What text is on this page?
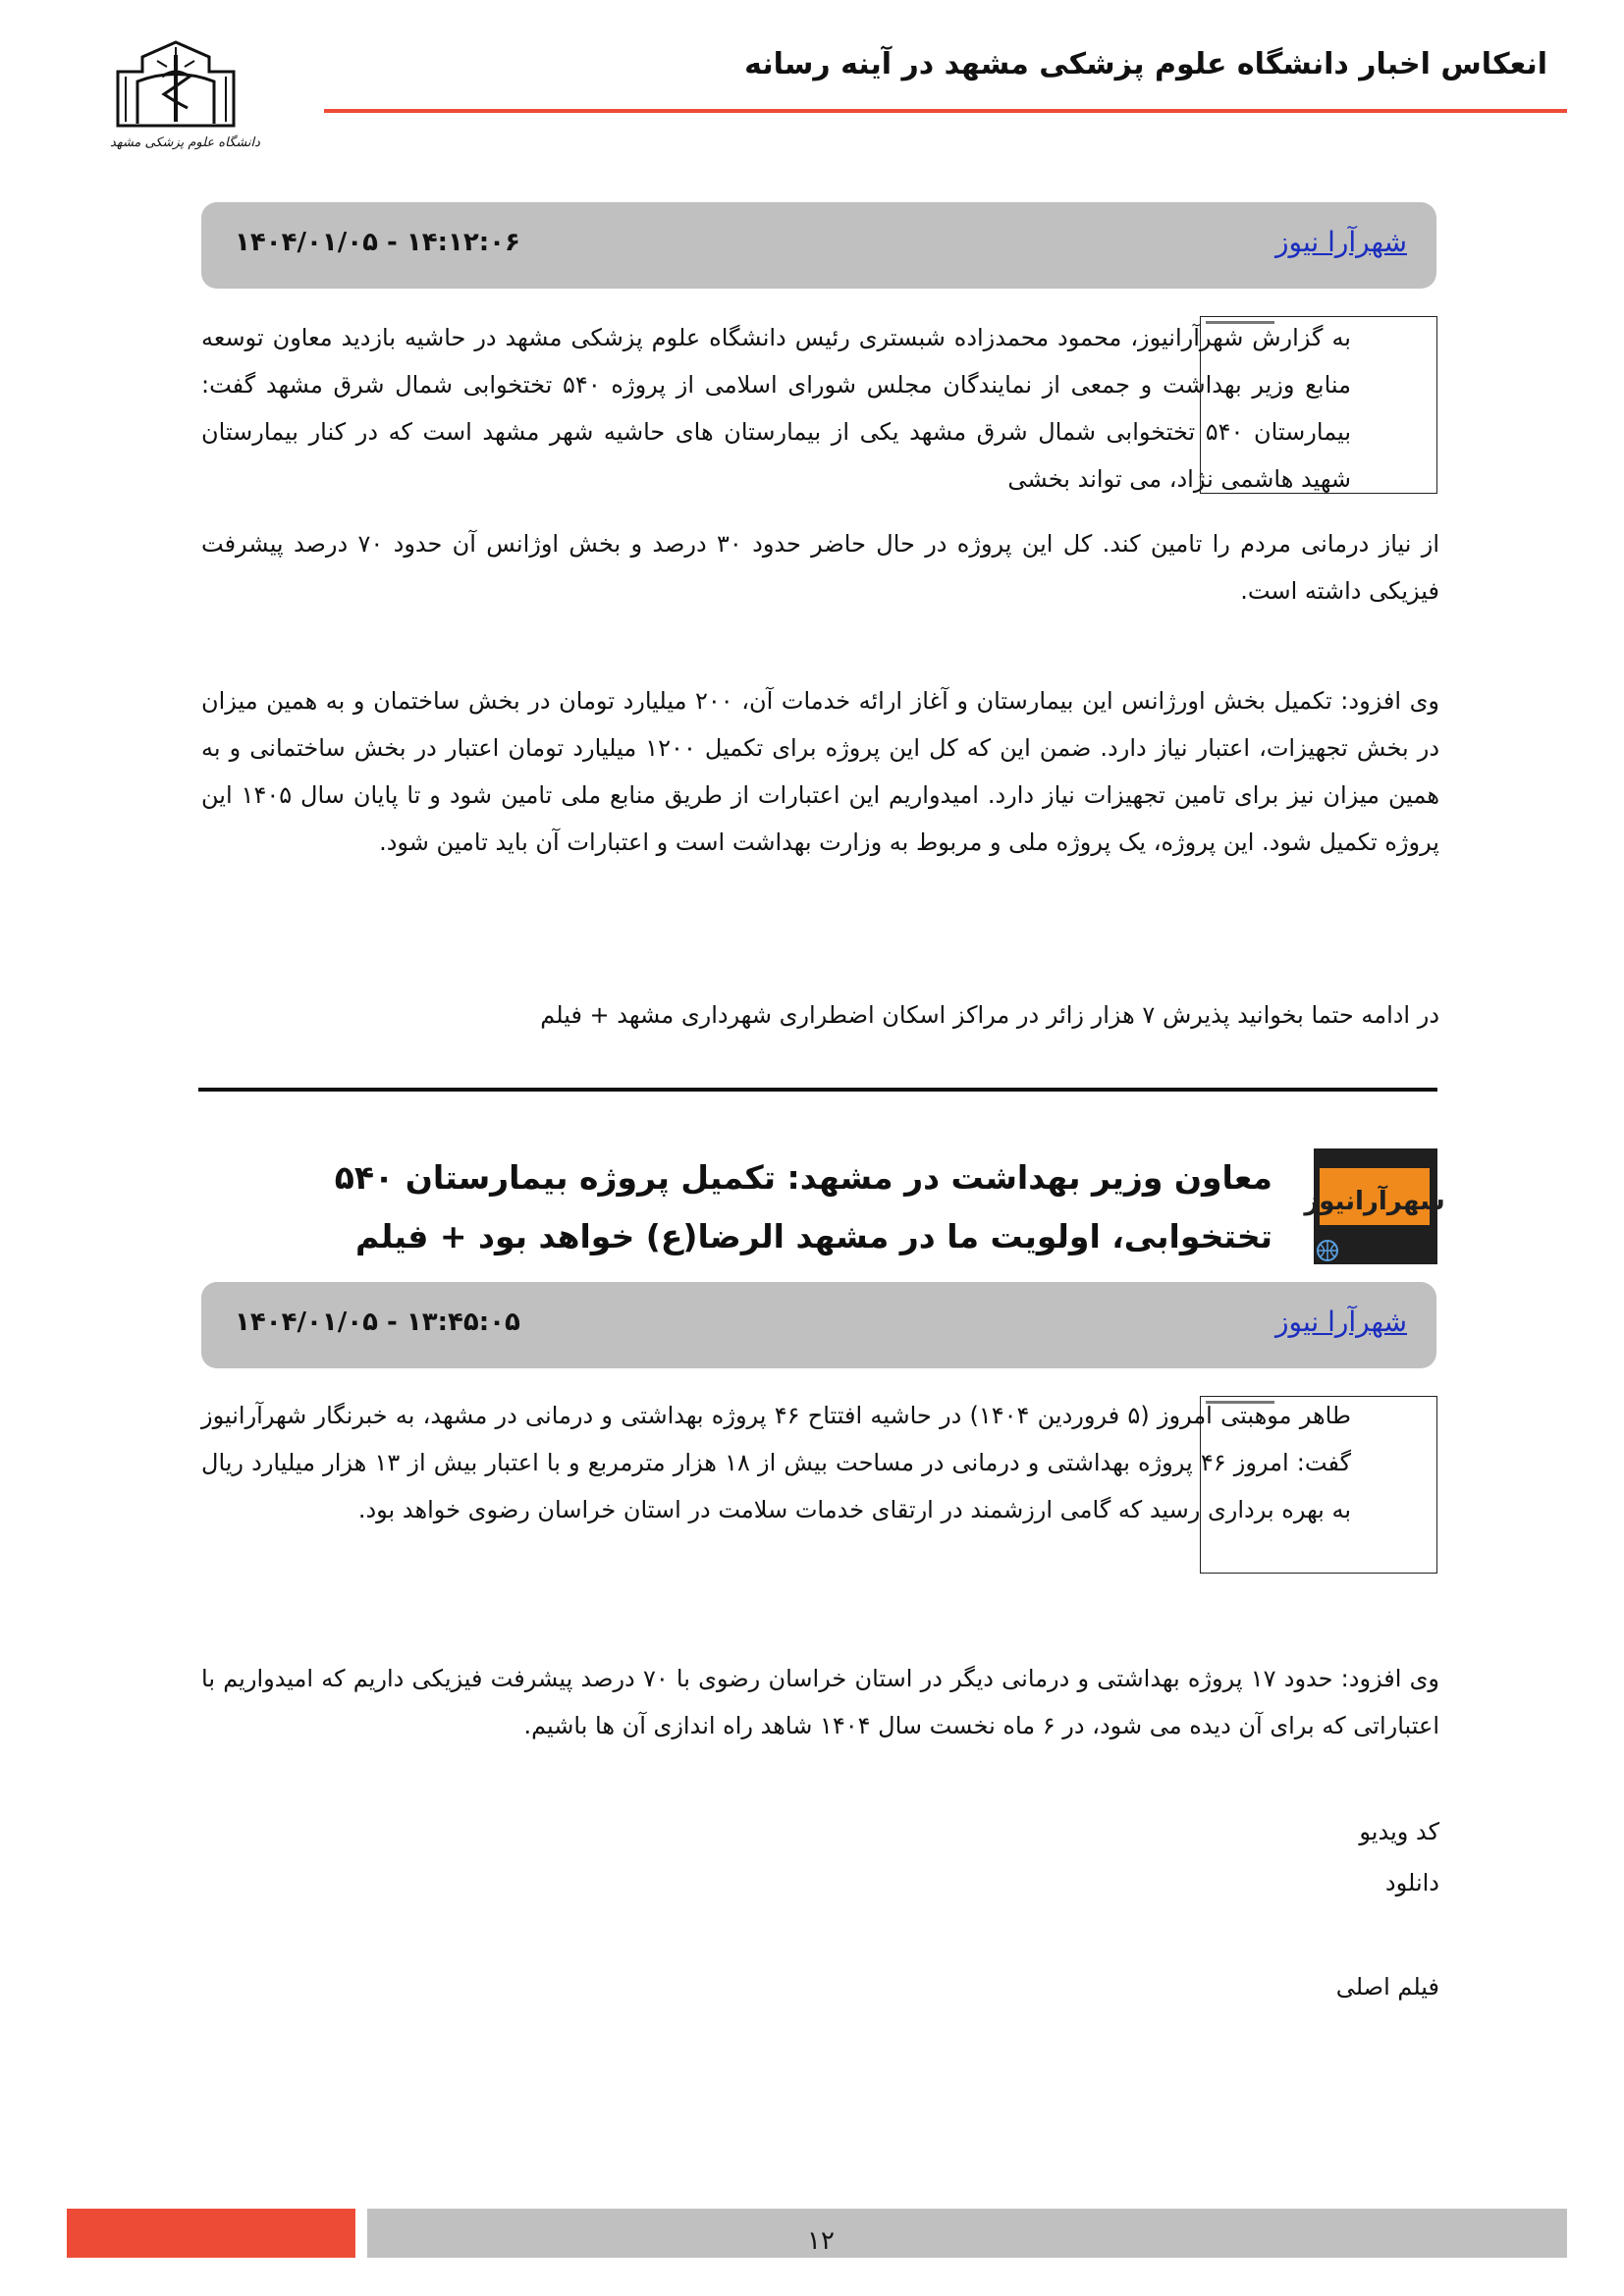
دانشگاه علوم پزشکی مشهد
انعکاس اخبار دانشگاه علوم پزشکی مشهد در آینه رسانه
شهرآرا نیوز
۱۴۰۴/۰۱/۰۵ - ۱۴:۱۲:۰۶

به گزارش شهرآرانیوز، محمود محمدزاده شبستری رئیس دانشگاه علوم پزشکی مشهد در حاشیه بازدید معاون توسعه منابع وزیر بهداشت و جمعی از نمایندگان مجلس شورای اسلامی از پروژه ۵۴۰ تختخوابی شمال شرق مشهد گفت: بیمارستان ۵۴۰ تختخوابی شمال شرق مشهد یکی از بیمارستان های حاشیه شهر مشهد است که در کنار بیمارستان شهید هاشمی نژاد، می تواند بخشی

از نیاز درمانی مردم را تامین کند. کل این پروژه در حال حاضر حدود ۳۰ درصد و بخش اوژانس آن حدود ۷۰ درصد پیشرفت فیزیکی داشته است.

وی افزود: تکمیل بخش اورژانس این بیمارستان و آغاز ارائه خدمات آن، ۲۰۰ میلیارد تومان در بخش ساختمان و به همین میزان در بخش تجهیزات، اعتبار نیاز دارد. ضمن این که کل این پروژه برای تکمیل ۱۲۰۰ میلیارد تومان اعتبار در بخش ساختمانی و به همین میزان نیز برای تامین تجهیزات نیاز دارد. امیدواریم این اعتبارات از طریق منابع ملی تامین شود و تا پایان سال ۱۴۰۵ این پروژه تکمیل شود. این پروژه، یک پروژه ملی و مربوط به وزارت بهداشت است و اعتبارات آن باید تامین شود.

در ادامه حتما بخوانید پذیرش ۷ هزار زائر در مراکز اسکان اضطراری شهرداری مشهد + فیلم

شهرآرانیوز
معاون وزیر بهداشت در مشهد: تکمیل پروژه بیمارستان ۵۴۰ تختخوابی، اولویت ما در مشهد الرضا(ع) خواهد بود + فیلم
شهرآرا نیوز
۱۴۰۴/۰۱/۰۵ - ۱۳:۴۵:۰۵

طاهر موهبتی امروز (۵ فروردین ۱۴۰۴) در حاشیه افتتاح ۴۶ پروژه بهداشتی و درمانی در مشهد، به خبرنگار شهرآرانیوز گفت: امروز ۴۶ پروژه بهداشتی و درمانی در مساحت بیش از ۱۸ هزار مترمربع و با اعتبار بیش از ۱۳ هزار میلیارد ریال به بهره برداری رسید که گامی ارزشمند در ارتقای خدمات سلامت در استان خراسان رضوی خواهد بود.

وی افزود: حدود ۱۷ پروژه بهداشتی و درمانی دیگر در استان خراسان رضوی با ۷۰ درصد پیشرفت فیزیکی داریم که امیدواریم با اعتباراتی که برای آن دیده می شود، در ۶ ماه نخست سال ۱۴۰۴ شاهد راه اندازی آن ها باشیم.

کد ویدیو
دانلود
فیلم اصلی
۱۲
